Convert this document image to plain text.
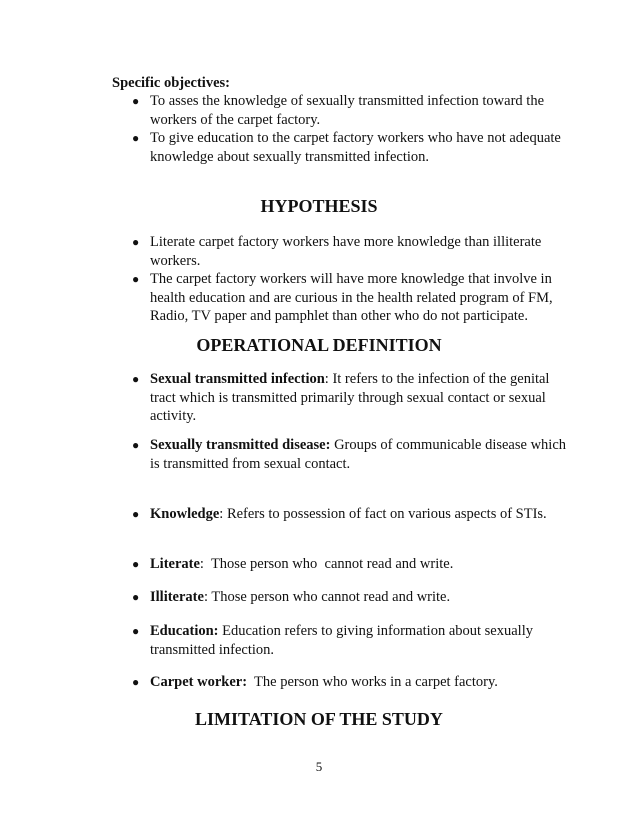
Specific objectives:
● To asses the knowledge of sexually transmitted infection toward the workers of the carpet factory.
● To give education to the carpet factory workers who have not adequate knowledge about sexually transmitted infection.
HYPOTHESIS
● Literate carpet factory workers have more knowledge than illiterate workers.
● The carpet factory workers will have more knowledge that involve in health education and are curious in the health related program of FM, Radio, TV paper and pamphlet than other who do not participate.
OPERATIONAL DEFINITION
● Sexual transmitted infection: It refers to the infection of the genital tract which is transmitted primarily through sexual contact or sexual activity.
● Sexually transmitted disease: Groups of communicable disease which is transmitted from sexual contact.
● Knowledge: Refers to possession of fact on various aspects of STIs.
● Literate:  Those person who  cannot read and write.
● Illiterate: Those person who cannot read and write.
● Education: Education refers to giving information about sexually transmitted infection.
● Carpet worker:  The person who works in a carpet factory.
LIMITATION OF THE STUDY
5
